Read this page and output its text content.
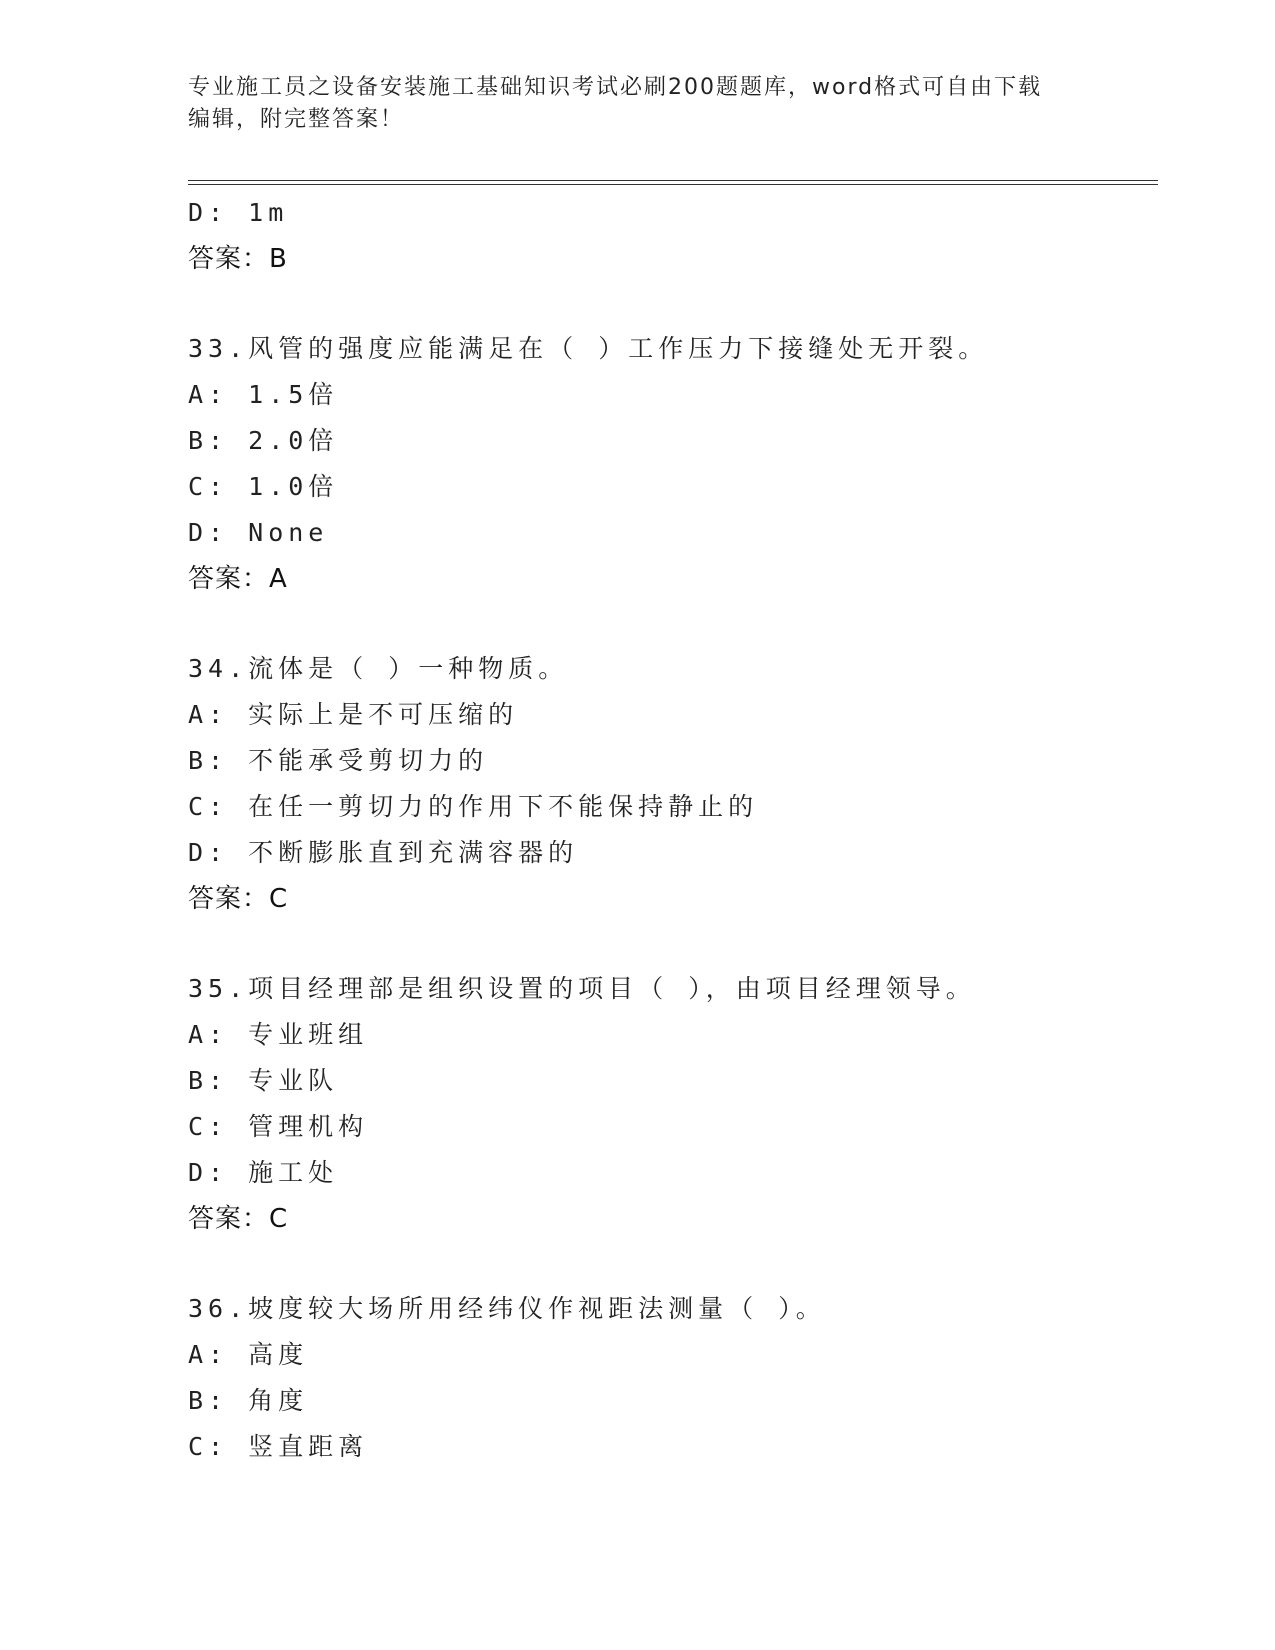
专业施工员之设备安装施工基础知识考试必刷200题题库，word格式可自由下载
编辑，附完整答案！
D: 1m
答案：B
33.风管的强度应能满足在（ ）工作压力下接缝处无开裂。
A: 1.5倍
B: 2.0倍
C: 1.0倍
D: None
答案：A
34.流体是（ ）一种物质。
A: 实际上是不可压缩的
B: 不能承受剪切力的
C: 在任一剪切力的作用下不能保持静止的
D: 不断膨胀直到充满容器的
答案：C
35.项目经理部是组织设置的项目（ ），由项目经理领导。
A: 专业班组
B: 专业队
C: 管理机构
D: 施工处
答案：C
36.坡度较大场所用经纬仪作视距法测量（ ）。
A: 高度
B: 角度
C: 竖直距离
